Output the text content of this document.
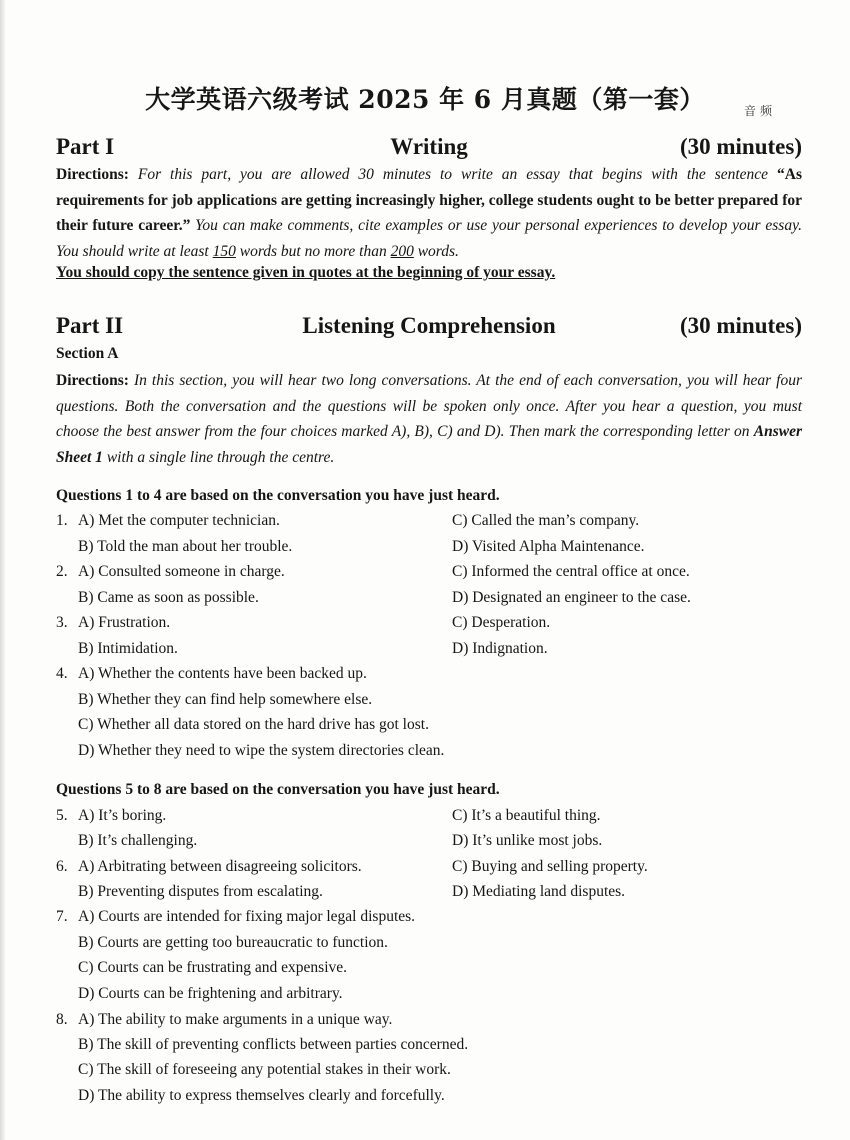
大学英语六级考试 2025 年 6 月真题（第一套）	音频
Part I	Writing	(30 minutes)
Directions: For this part, you are allowed 30 minutes to write an essay that begins with the sentence “As requirements for job applications are getting increasingly higher, college students ought to be better prepared for their future career.” You can make comments, cite examples or use your personal experiences to develop your essay. You should write at least 150 words but no more than 200 words.
You should copy the sentence given in quotes at the beginning of your essay.
Part II	Listening Comprehension	(30 minutes)
Section A
Directions: In this section, you will hear two long conversations. At the end of each conversation, you will hear four questions. Both the conversation and the questions will be spoken only once. After you hear a question, you must choose the best answer from the four choices marked A), B), C) and D). Then mark the corresponding letter on Answer Sheet 1 with a single line through the centre.
Questions 1 to 4 are based on the conversation you have just heard.
1. A) Met the computer technician.	C) Called the man’s company.
B) Told the man about her trouble.	D) Visited Alpha Maintenance.
2. A) Consulted someone in charge.	C) Informed the central office at once.
B) Came as soon as possible.	D) Designated an engineer to the case.
3. A) Frustration.	C) Desperation.
B) Intimidation.	D) Indignation.
4. A) Whether the contents have been backed up.
B) Whether they can find help somewhere else.
C) Whether all data stored on the hard drive has got lost.
D) Whether they need to wipe the system directories clean.
Questions 5 to 8 are based on the conversation you have just heard.
5. A) It’s boring.	C) It’s a beautiful thing.
B) It’s challenging.	D) It’s unlike most jobs.
6. A) Arbitrating between disagreeing solicitors.	C) Buying and selling property.
B) Preventing disputes from escalating.	D) Mediating land disputes.
7. A) Courts are intended for fixing major legal disputes.
B) Courts are getting too bureaucratic to function.
C) Courts can be frustrating and expensive.
D) Courts can be frightening and arbitrary.
8. A) The ability to make arguments in a unique way.
B) The skill of preventing conflicts between parties concerned.
C) The skill of foreseeing any potential stakes in their work.
D) The ability to express themselves clearly and forcefully.
